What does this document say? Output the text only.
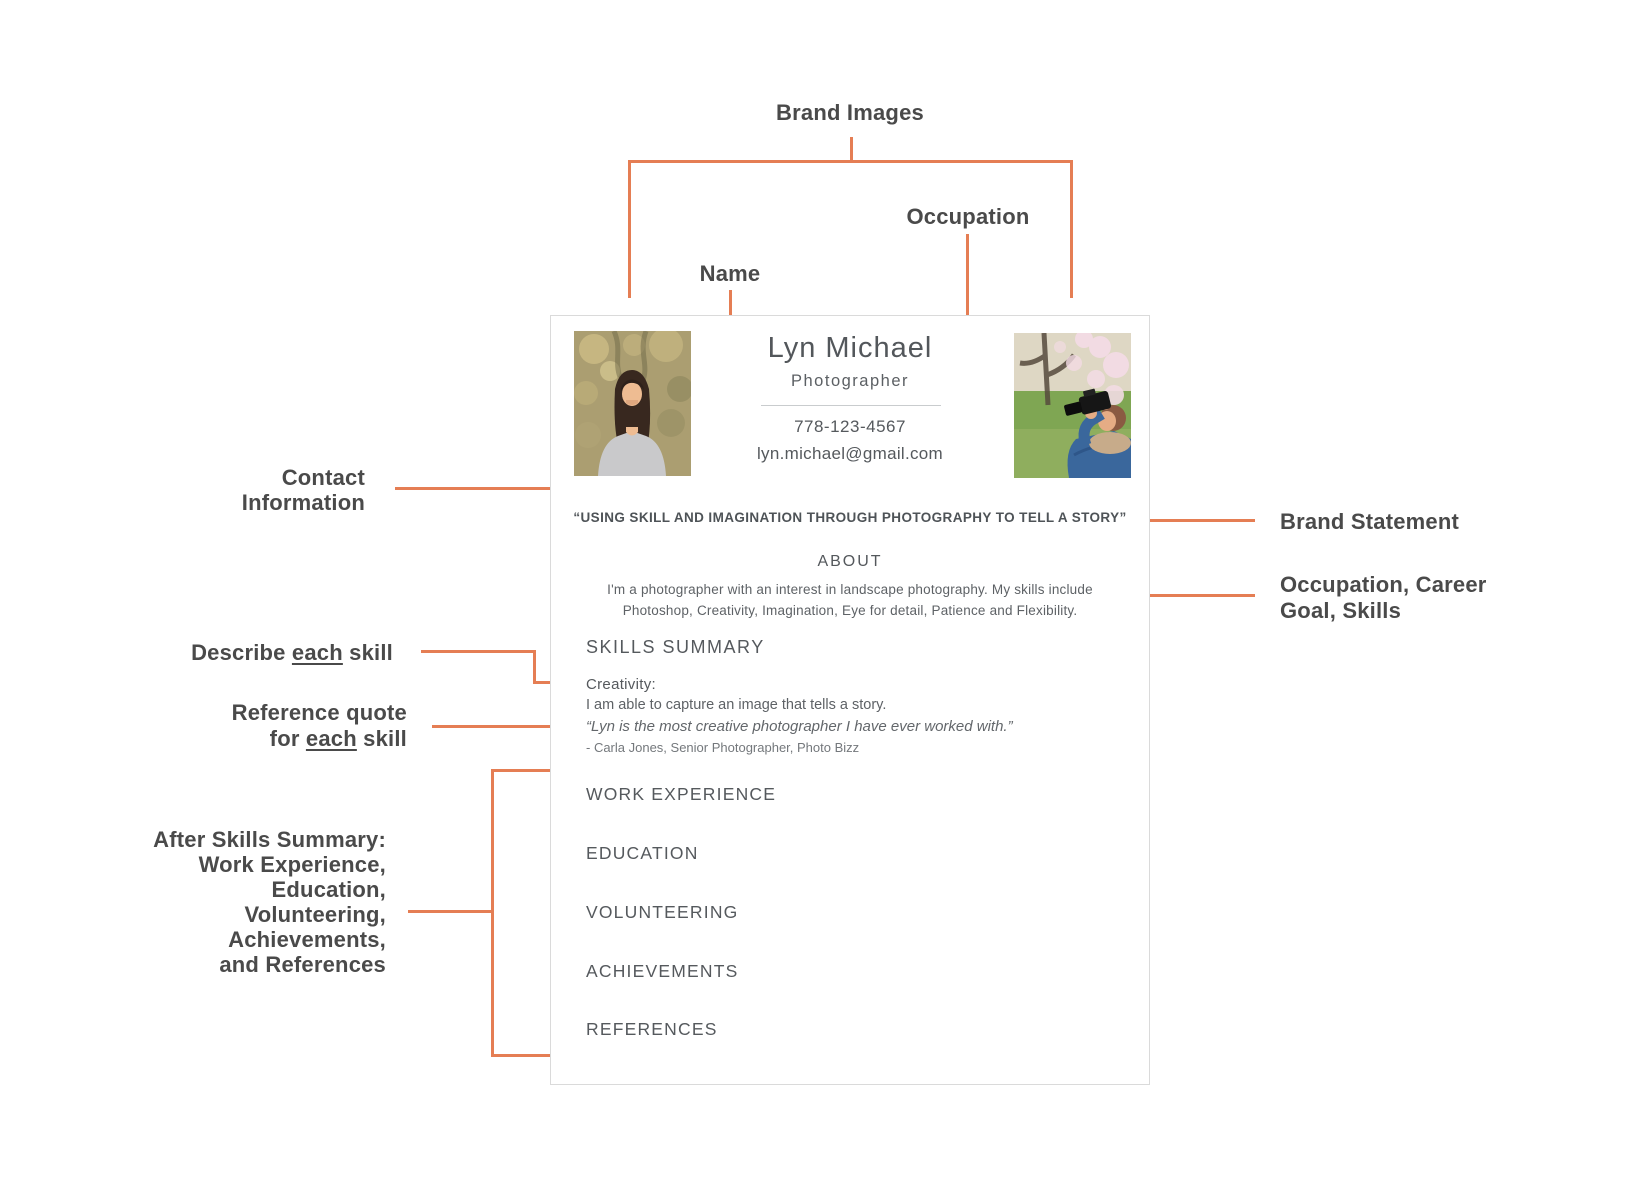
Brand Images
Occupation
Name
Contact
Information
Brand Statement
Occupation, Career
Goal, Skills
Describe each skill
Reference quote
for each skill
After Skills Summary:
Work Experience,
Education,
Volunteering,
Achievements,
and References
Lyn Michael
Photographer
778-123-4567
lyn.michael@gmail.com
“USING SKILL AND IMAGINATION THROUGH PHOTOGRAPHY TO TELL A STORY”
ABOUT
I'm a photographer with an interest in landscape photography. My skills include
Photoshop, Creativity, Imagination, Eye for detail, Patience and Flexibility.
SKILLS SUMMARY
Creativity:
I am able to capture an image that tells a story.
“Lyn is the most creative photographer I have ever worked with.”
- Carla Jones, Senior Photographer, Photo Bizz
WORK EXPERIENCE
EDUCATION
VOLUNTEERING
ACHIEVEMENTS
REFERENCES
